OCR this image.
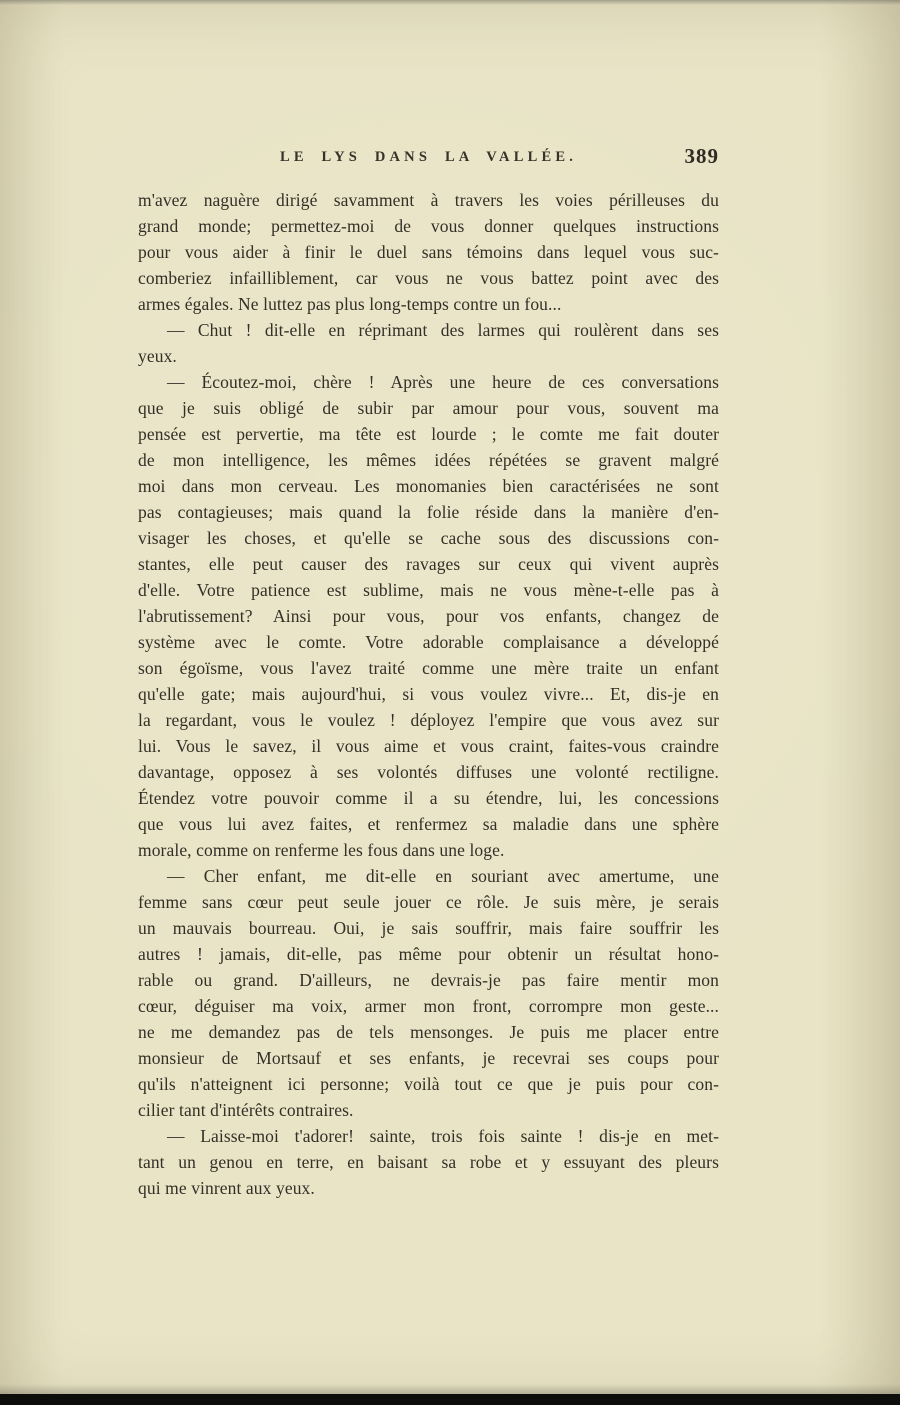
LE LYS DANS LA VALLÉE.	389
m'avez naguère dirigé savamment à travers les voies périlleuses du
grand monde; permettez-moi de vous donner quelques instructions
pour vous aider à finir le duel sans témoins dans lequel vous suc-
comberiez infailliblement, car vous ne vous battez point avec des
armes égales. Ne luttez pas plus long-temps contre un fou...
— Chut ! dit-elle en réprimant des larmes qui roulèrent dans ses
yeux.
— Écoutez-moi, chère ! Après une heure de ces conversations
que je suis obligé de subir par amour pour vous, souvent ma
pensée est pervertie, ma tête est lourde ; le comte me fait douter
de mon intelligence, les mêmes idées répétées se gravent malgré
moi dans mon cerveau. Les monomanies bien caractérisées ne sont
pas contagieuses; mais quand la folie réside dans la manière d'en-
visager les choses, et qu'elle se cache sous des discussions con-
stantes, elle peut causer des ravages sur ceux qui vivent auprès
d'elle. Votre patience est sublime, mais ne vous mène-t-elle pas à
l'abrutissement? Ainsi pour vous, pour vos enfants, changez de
système avec le comte. Votre adorable complaisance a développé
son égoïsme, vous l'avez traité comme une mère traite un enfant
qu'elle gate; mais aujourd'hui, si vous voulez vivre... Et, dis-je en
la regardant, vous le voulez ! déployez l'empire que vous avez sur
lui. Vous le savez, il vous aime et vous craint, faites-vous craindre
davantage, opposez à ses volontés diffuses une volonté rectiligne.
Étendez votre pouvoir comme il a su étendre, lui, les concessions
que vous lui avez faites, et renfermez sa maladie dans une sphère
morale, comme on renferme les fous dans une loge.
— Cher enfant, me dit-elle en souriant avec amertume, une
femme sans cœur peut seule jouer ce rôle. Je suis mère, je serais
un mauvais bourreau. Oui, je sais souffrir, mais faire souffrir les
autres ! jamais, dit-elle, pas même pour obtenir un résultat hono-
rable ou grand. D'ailleurs, ne devrais-je pas faire mentir mon
cœur, déguiser ma voix, armer mon front, corrompre mon geste...
ne me demandez pas de tels mensonges. Je puis me placer entre
monsieur de Mortsauf et ses enfants, je recevrai ses coups pour
qu'ils n'atteignent ici personne; voilà tout ce que je puis pour con-
cilier tant d'intérêts contraires.
— Laisse-moi t'adorer! sainte, trois fois sainte ! dis-je en met-
tant un genou en terre, en baisant sa robe et y essuyant des pleurs
qui me vinrent aux yeux.
